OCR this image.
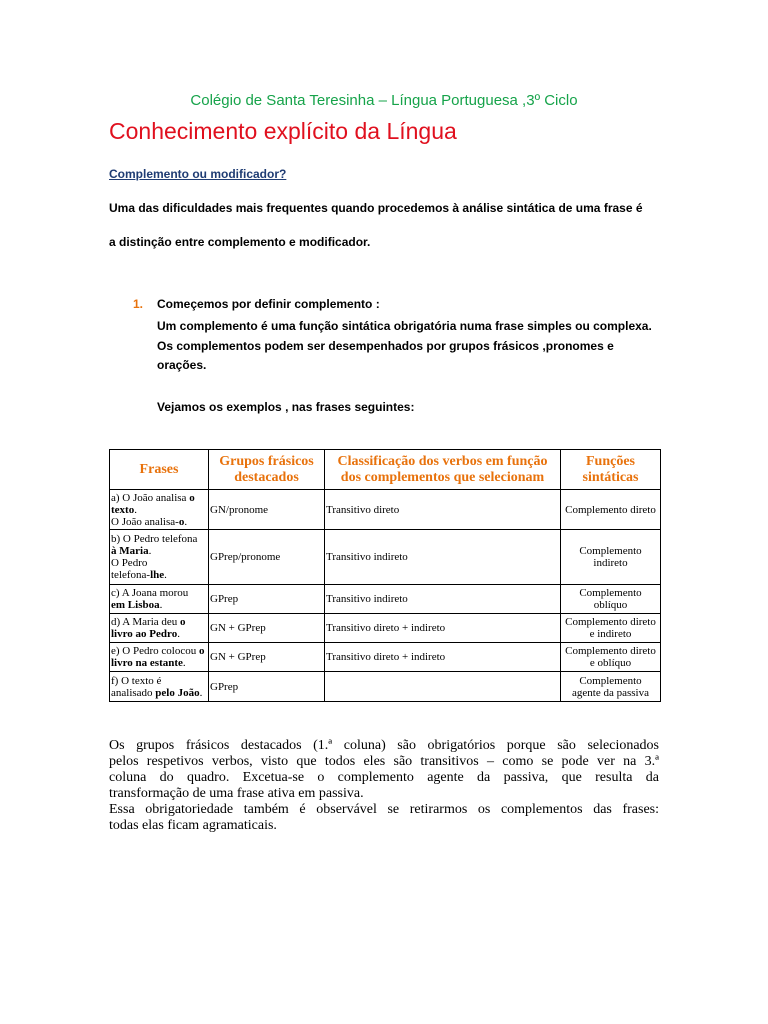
Colégio de Santa Teresinha – Língua Portuguesa ,3º Ciclo
Conhecimento explícito da Língua
Complemento ou modificador?
Uma das dificuldades mais frequentes quando procedemos à análise sintática de uma frase é
a distinção entre complemento e modificador.
1. Começemos por definir complemento :
Um complemento é uma função sintática obrigatória numa frase simples ou complexa.
Os complementos podem ser desempenhados por grupos frásicos ,pronomes e
orações.
Vejamos os exemplos , nas frases seguintes:
Frases	Grupos frásicos
destacados	Classificação dos verbos em função
dos complementos que selecionam	Funções
sintáticas
a) O João analisa o
texto.
O João analisa-o.	GN/pronome	Transitivo direto	Complemento direto
b) O Pedro telefona
à Maria.
O Pedro
telefona-lhe.	GPrep/pronome	Transitivo indireto	Complemento
indireto
c) A Joana morou
em Lisboa.	GPrep	Transitivo indireto	Complemento
oblíquo
d) A Maria deu o
livro ao Pedro.	GN + GPrep	Transitivo direto + indireto	Complemento direto
e indireto
e) O Pedro colocou o
livro na estante.	GN + GPrep	Transitivo direto + indireto	Complemento direto
e oblíquo
f) O texto é
analisado pelo João.	GPrep		Complemento
agente da passiva
Os grupos frásicos destacados (1.ª coluna) são obrigatórios porque são selecionados
pelos respetivos verbos, visto que todos eles são transitivos – como se pode ver na 3.ª
coluna do quadro. Excetua-se o complemento agente da passiva, que resulta da
transformação de uma frase ativa em passiva.
Essa obrigatoriedade também é observável se retirarmos os complementos das frases:
todas elas ficam agramaticais.
